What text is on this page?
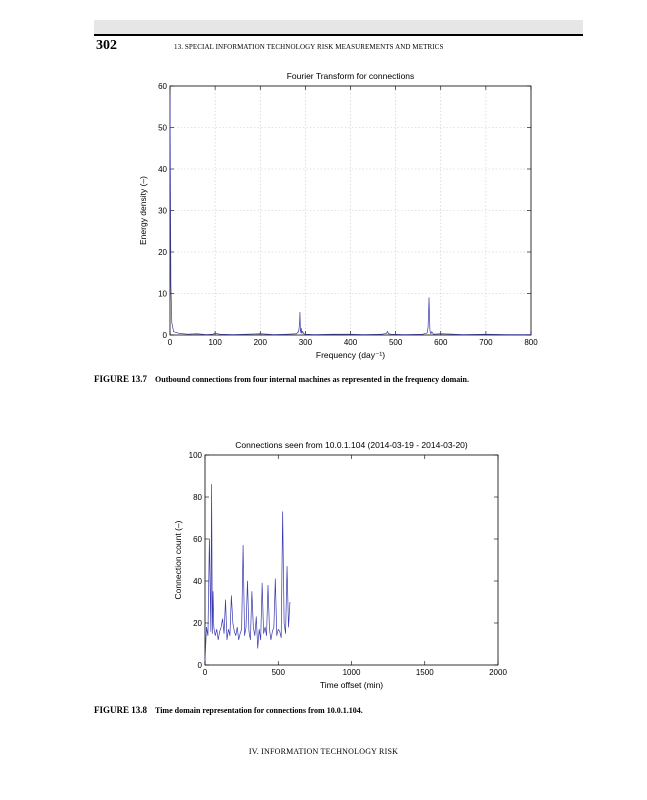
302	13. SPECIAL INFORMATION TECHNOLOGY RISK MEASUREMENTS AND METRICS
0	100	200	300	400	500	600	700	800
0
10
20
30
40
50
60
Fourier Transform for connections
Frequency (day⁻¹)
Energy density (–)
FIGURE 13.7 Outbound connections from four internal machines as represented in the frequency domain.
0	500	1000	1500	2000
0
20
40
60
80
100
Connections seen from 10.0.1.104 (2014-03-19 - 2014-03-20)
Time offset (min)
Connection count (–)
FIGURE 13.8 Time domain representation for connections from 10.0.1.104.
IV. INFORMATION TECHNOLOGY RISK
